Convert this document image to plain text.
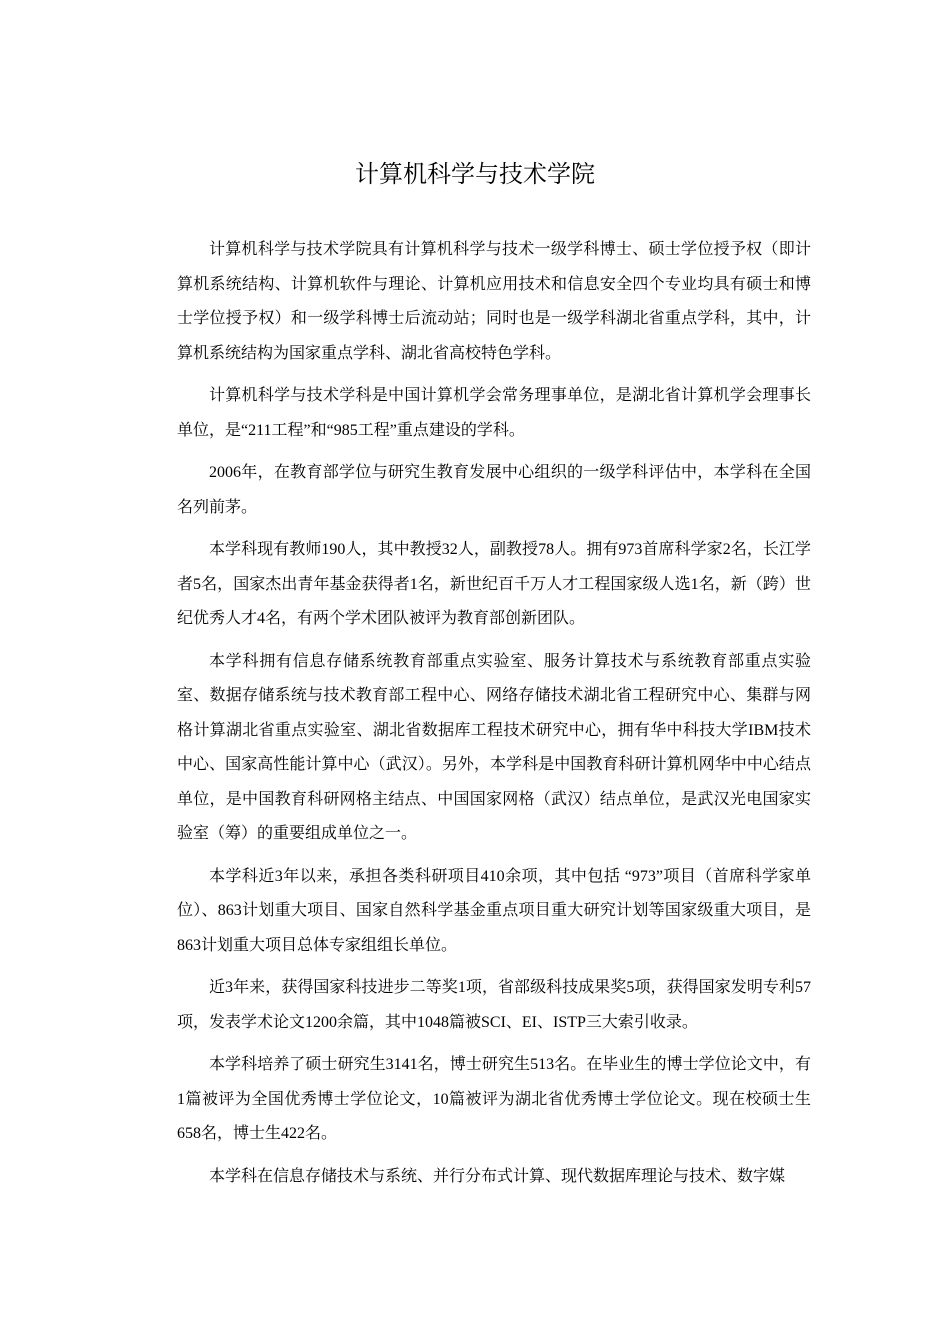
计算机科学与技术学院

计算机科学与技术学院具有计算机科学与技术一级学科博士、硕士学位授予权（即计算机系统结构、计算机软件与理论、计算机应用技术和信息安全四个专业均具有硕士和博士学位授予权）和一级学科博士后流动站；同时也是一级学科湖北省重点学科，其中，计算机系统结构为国家重点学科、湖北省高校特色学科。

计算机科学与技术学科是中国计算机学会常务理事单位，是湖北省计算机学会理事长单位，是“211工程”和“985工程”重点建设的学科。

2006年，在教育部学位与研究生教育发展中心组织的一级学科评估中，本学科在全国名列前茅。

本学科现有教师190人，其中教授32人，副教授78人。拥有973首席科学家2名，长江学者5名，国家杰出青年基金获得者1名，新世纪百千万人才工程国家级人选1名，新（跨）世纪优秀人才4名，有两个学术团队被评为教育部创新团队。

本学科拥有信息存储系统教育部重点实验室、服务计算技术与系统教育部重点实验室、数据存储系统与技术教育部工程中心、网络存储技术湖北省工程研究中心、集群与网格计算湖北省重点实验室、湖北省数据库工程技术研究中心，拥有华中科技大学IBM技术中心、国家高性能计算中心（武汉）。另外，本学科是中国教育科研计算机网华中中心结点单位，是中国教育科研网格主结点、中国国家网格（武汉）结点单位，是武汉光电国家实验室（筹）的重要组成单位之一。

本学科近3年以来，承担各类科研项目410余项，其中包括 “973”项目（首席科学家单位）、863计划重大项目、国家自然科学基金重点项目重大研究计划等国家级重大项目，是863计划重大项目总体专家组组长单位。

近3年来，获得国家科技进步二等奖1项，省部级科技成果奖5项，获得国家发明专利57项，发表学术论文1200余篇，其中1048篇被SCI、EI、ISTP三大索引收录。

本学科培养了硕士研究生3141名，博士研究生513名。在毕业生的博士学位论文中，有1篇被评为全国优秀博士学位论文，10篇被评为湖北省优秀博士学位论文。现在校硕士生658名，博士生422名。

本学科在信息存储技术与系统、并行分布式计算、现代数据库理论与技术、数字媒
